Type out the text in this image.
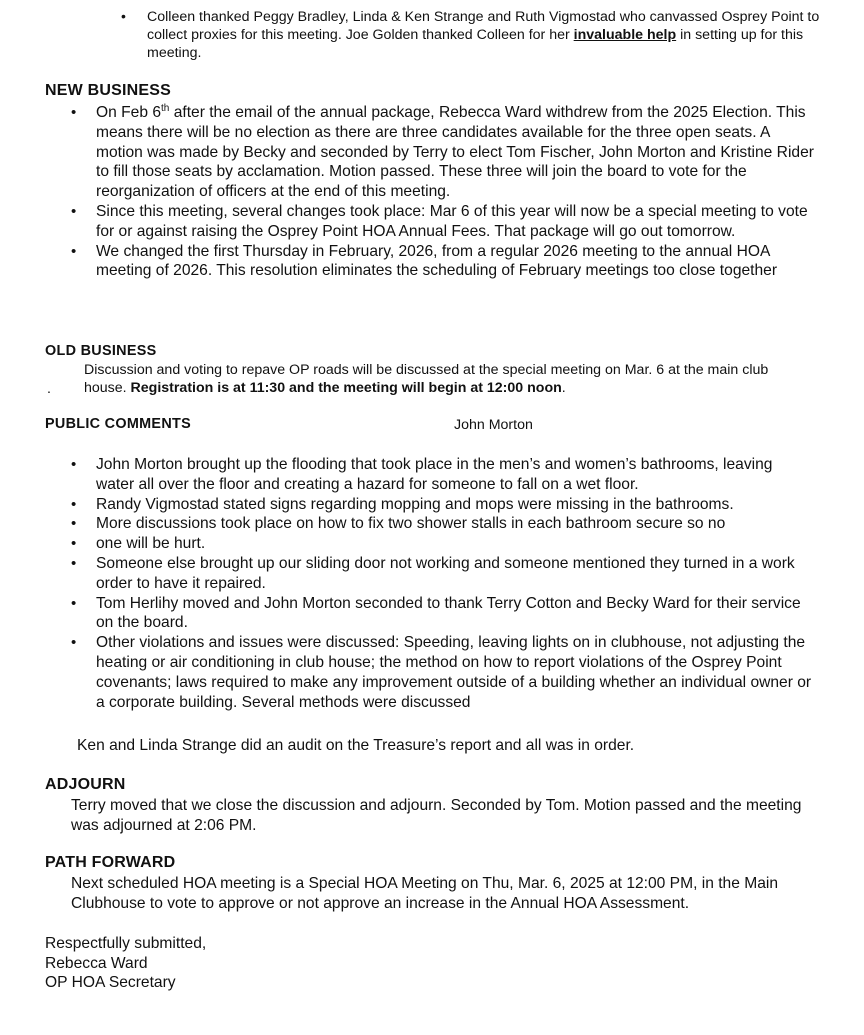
• Colleen thanked Peggy Bradley, Linda & Ken Strange and Ruth Vigmostad who canvassed Osprey Point to collect proxies for this meeting. Joe Golden thanked Colleen for her invaluable help in setting up for this meeting.
NEW BUSINESS
• On Feb 6th after the email of the annual package, Rebecca Ward withdrew from the 2025 Election. This means there will be no election as there are three candidates available for the three open seats. A motion was made by Becky and seconded by Terry to elect Tom Fischer, John Morton and Kristine Rider to fill those seats by acclamation. Motion passed. These three will join the board to vote for the reorganization of officers at the end of this meeting.
• Since this meeting, several changes took place: Mar 6 of this year will now be a special meeting to vote for or against raising the Osprey Point HOA Annual Fees. That package will go out tomorrow.
• We changed the first Thursday in February, 2026, from a regular 2026 meeting to the annual HOA meeting of 2026. This resolution eliminates the scheduling of February meetings too close together
OLD BUSINESS
.
Discussion and voting to repave OP roads will be discussed at the special meeting on Mar. 6 at the main club house. Registration is at 11:30 and the meeting will begin at 12:00 noon.
PUBLIC COMMENTS	John Morton
• John Morton brought up the flooding that took place in the men’s and women’s bathrooms, leaving water all over the floor and creating a hazard for someone to fall on a wet floor.
• Randy Vigmostad stated signs regarding mopping and mops were missing in the bathrooms.
• More discussions took place on how to fix two shower stalls in each bathroom secure so no
• one will be hurt.
• Someone else brought up our sliding door not working and someone mentioned they turned in a work order to have it repaired.
• Tom Herlihy moved and John Morton seconded to thank Terry Cotton and Becky Ward for their service on the board.
• Other violations and issues were discussed: Speeding, leaving lights on in clubhouse, not adjusting the heating or air conditioning in club house; the method on how to report violations of the Osprey Point covenants; laws required to make any improvement outside of a building whether an individual owner or a corporate building. Several methods were discussed
Ken and Linda Strange did an audit on the Treasure’s report and all was in order.
ADJOURN
Terry moved that we close the discussion and adjourn. Seconded by Tom. Motion passed and the meeting was adjourned at 2:06 PM.
PATH FORWARD
Next scheduled HOA meeting is a Special HOA Meeting on Thu, Mar. 6, 2025 at 12:00 PM, in the Main Clubhouse to vote to approve or not approve an increase in the Annual HOA Assessment.
Respectfully submitted,
Rebecca Ward
OP HOA Secretary
